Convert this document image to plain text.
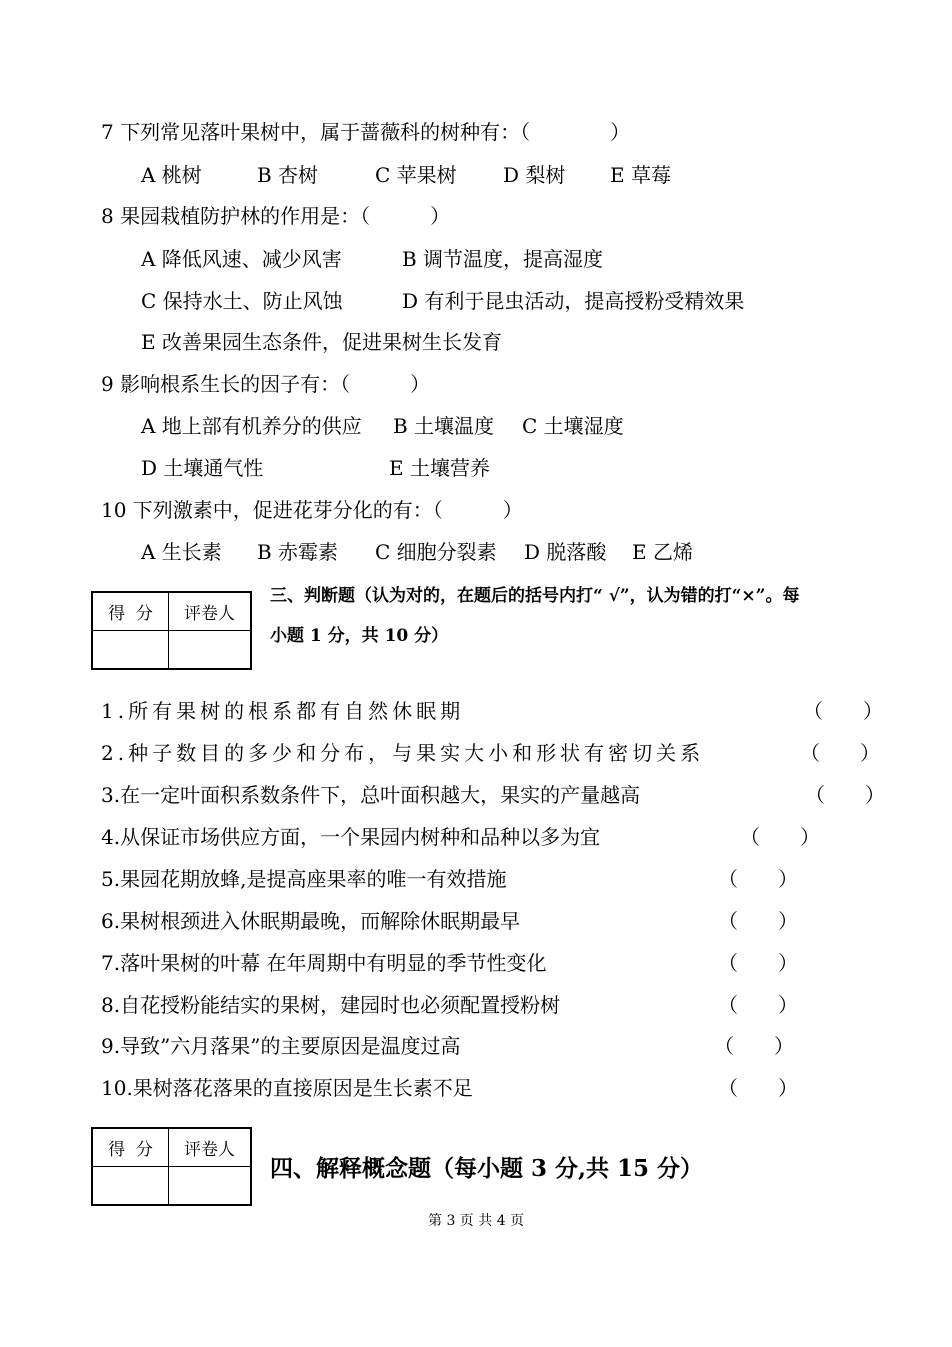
7 下列常见落叶果树中，属于蔷薇科的树种有：（　　　　）
A 桃树	B 杏树	C 苹果树 D 梨树 E 草莓
8 果园栽植防护林的作用是：（　　　）
A 降低风速、减少风害	B 调节温度，提高湿度
C 保持水土、防止风蚀	D 有利于昆虫活动，提高授粉受精效果
E 改善果园生态条件，促进果树生长发育
9 影响根系生长的因子有：（　　　）
A 地上部有机养分的供应 B 土壤温度 C 土壤湿度
D 土壤通气性	E 土壤营养
10 下列激素中，促进花芽分化的有：（　　　）
A 生长素 B 赤霉素 C 细胞分裂素 D 脱落酸 E 乙烯
得  分	评卷人

三、判断题（认为对的，在题后的括号内打“ √”，认为错的打“×”。每
小题 1 分，共 10 分）
1.所有果树的根系都有自然休眠期	（　　）
2.种子数目的多少和分布，与果实大小和形状有密切关系	（　　）
3.在一定叶面积系数条件下，总叶面积越大，果实的产量越高	（　　）
4.从保证市场供应方面，一个果园内树种和品种以多为宜	（　　）
5.果园花期放蜂,是提高座果率的唯一有效措施	（　　）
6.果树根颈进入休眠期最晚，而解除休眠期最早	（　　）
7.落叶果树的叶幕 在年周期中有明显的季节性变化	（　　）
8.自花授粉能结实的果树，建园时也必须配置授粉树	（　　）
9.导致”六月落果”的主要原因是温度过高	（　　）
10.果树落花落果的直接原因是生长素不足	（　　）
得  分	评卷人

四、解释概念题（每小题 3 分,共 15 分）
第 3 页 共 4 页
